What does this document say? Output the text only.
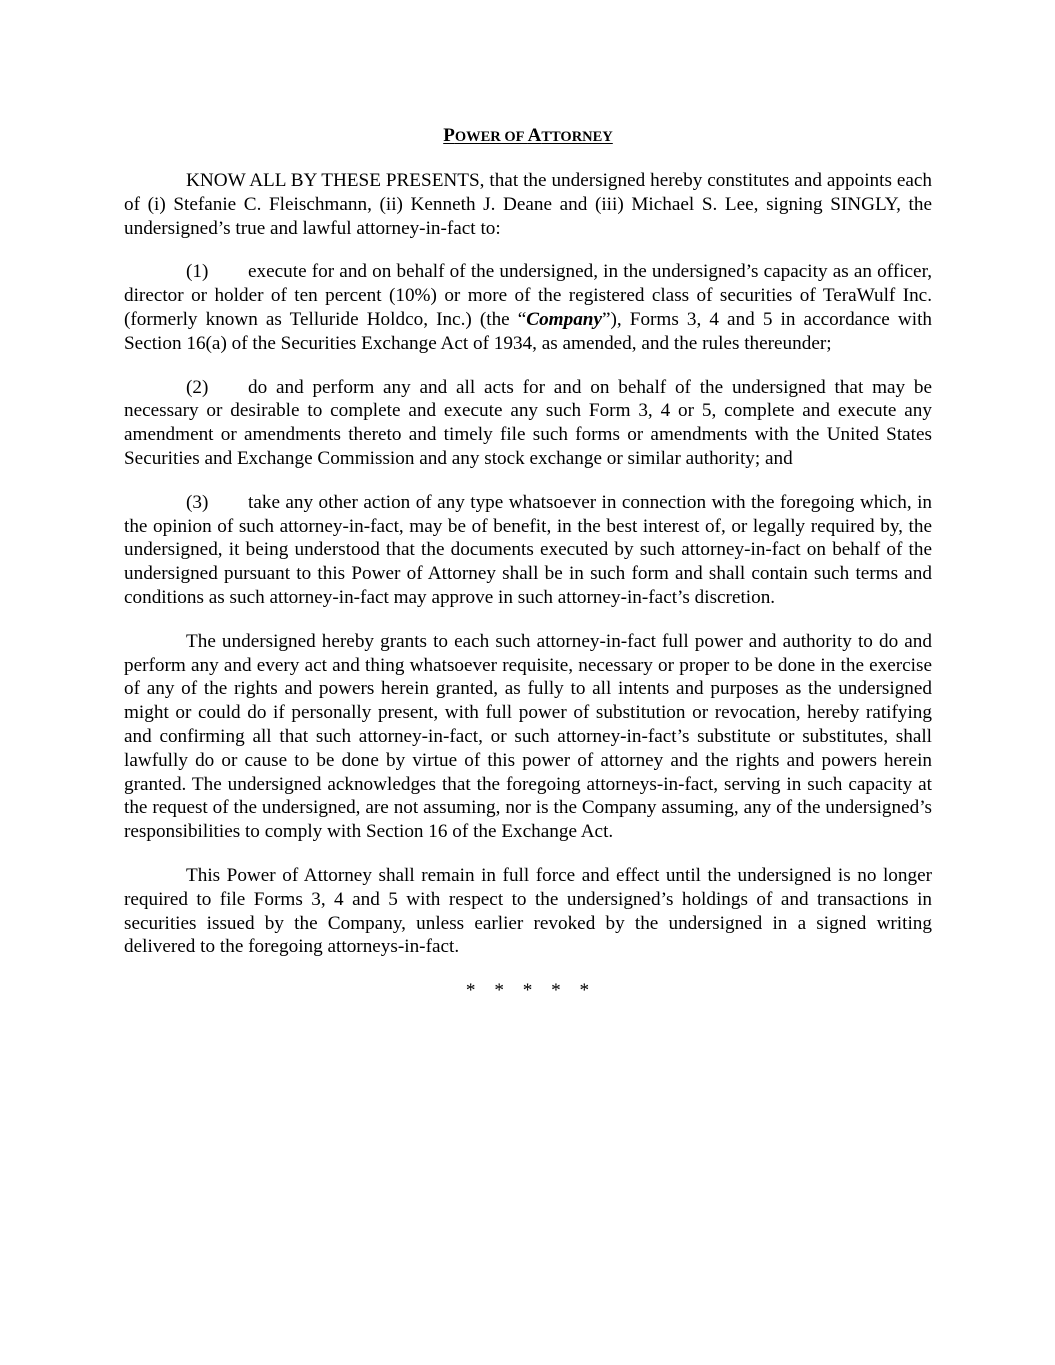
POWER OF ATTORNEY

KNOW ALL BY THESE PRESENTS, that the undersigned hereby constitutes and appoints each of (i) Stefanie C. Fleischmann, (ii) Kenneth J. Deane and (iii) Michael S. Lee, signing SINGLY, the undersigned’s true and lawful attorney-in-fact to:

(1) execute for and on behalf of the undersigned, in the undersigned’s capacity as an officer, director or holder of ten percent (10%) or more of the registered class of securities of TeraWulf Inc. (formerly known as Telluride Holdco, Inc.) (the “Company”), Forms 3, 4 and 5 in accordance with Section 16(a) of the Securities Exchange Act of 1934, as amended, and the rules thereunder;

(2) do and perform any and all acts for and on behalf of the undersigned that may be necessary or desirable to complete and execute any such Form 3, 4 or 5, complete and execute any amendment or amendments thereto and timely file such forms or amendments with the United States Securities and Exchange Commission and any stock exchange or similar authority; and

(3) take any other action of any type whatsoever in connection with the foregoing which, in the opinion of such attorney-in-fact, may be of benefit, in the best interest of, or legally required by, the undersigned, it being understood that the documents executed by such attorney-in-fact on behalf of the undersigned pursuant to this Power of Attorney shall be in such form and shall contain such terms and conditions as such attorney-in-fact may approve in such attorney-in-fact’s discretion.

The undersigned hereby grants to each such attorney-in-fact full power and authority to do and perform any and every act and thing whatsoever requisite, necessary or proper to be done in the exercise of any of the rights and powers herein granted, as fully to all intents and purposes as the undersigned might or could do if personally present, with full power of substitution or revocation, hereby ratifying and confirming all that such attorney-in-fact, or such attorney-in-fact’s substitute or substitutes, shall lawfully do or cause to be done by virtue of this power of attorney and the rights and powers herein granted. The undersigned acknowledges that the foregoing attorneys-in-fact, serving in such capacity at the request of the undersigned, are not assuming, nor is the Company assuming, any of the undersigned’s responsibilities to comply with Section 16 of the Exchange Act.

This Power of Attorney shall remain in full force and effect until the undersigned is no longer required to file Forms 3, 4 and 5 with respect to the undersigned’s holdings of and transactions in securities issued by the Company, unless earlier revoked by the undersigned in a signed writing delivered to the foregoing attorneys-in-fact.

* * * * *
